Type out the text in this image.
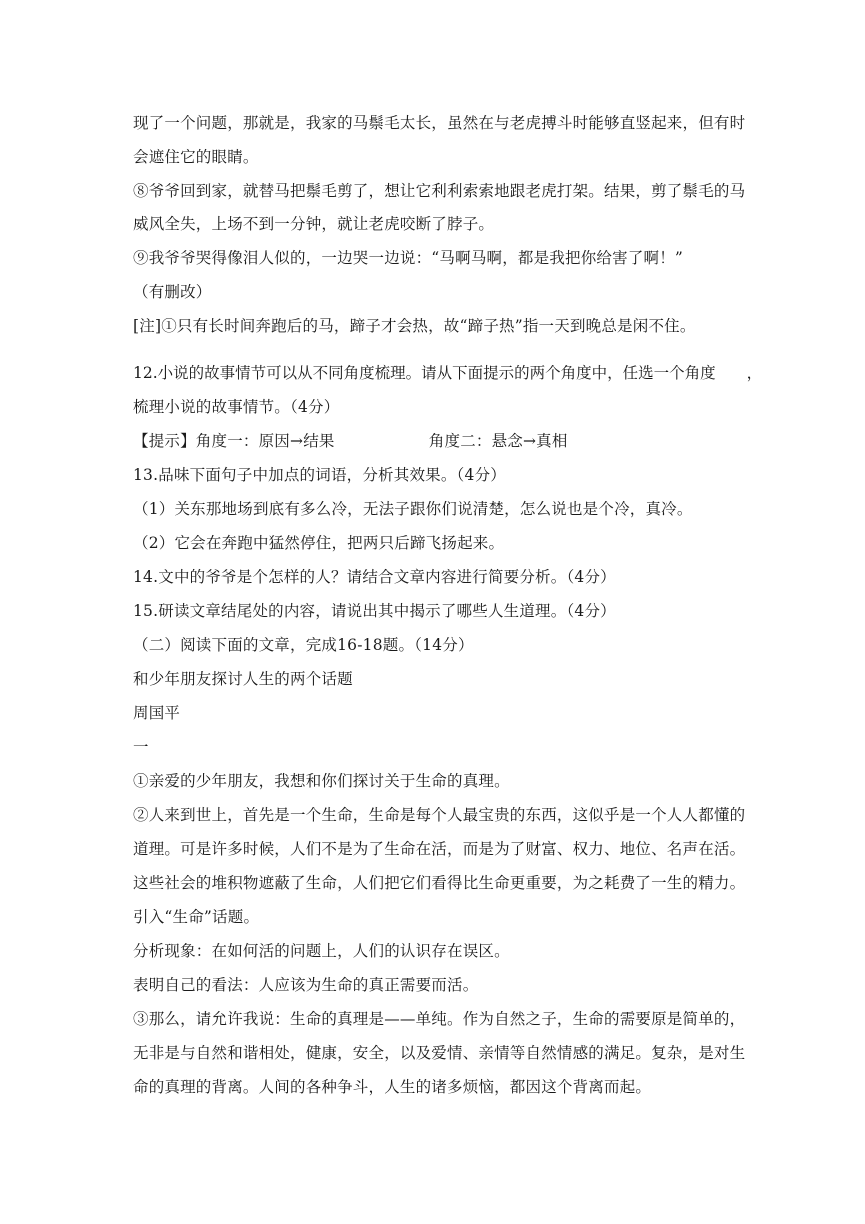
现了一个问题，那就是，我家的马鬃毛太长，虽然在与老虎搏斗时能够直竖起来，但有时

会遮住它的眼睛。

⑧爷爷回到家，就替马把鬃毛剪了，想让它利利索索地跟老虎打架。结果，剪了鬃毛的马

威风全失，上场不到一分钟，就让老虎咬断了脖子。

⑨我爷爷哭得像泪人似的，一边哭一边说：“马啊马啊，都是我把你给害了啊！”

（有删改）

[注]①只有长时间奔跑后的马，蹄子才会热，故“蹄子热”指一天到晚总是闲不住。

12.小说的故事情节可以从不同角度梳理。请从下面提示的两个角度中，任选一个角度　　，

梳理小说的故事情节。（4分）

【提示】角度一：原因→结果　　　　　　角度二：悬念→真相

13.品味下面句子中加点的词语，分析其效果。（4分）

（1）关东那地场到底有多么冷，无法子跟你们说清楚，怎么说也是个冷，真冷。

（2）它会在奔跑中猛然停住，把两只后蹄飞扬起来。

14.文中的爷爷是个怎样的人？请结合文章内容进行简要分析。（4分）

15.研读文章结尾处的内容，请说出其中揭示了哪些人生道理。（4分）

（二）阅读下面的文章，完成16-18题。（14分）

和少年朋友探讨人生的两个话题

周国平

一

①亲爱的少年朋友，我想和你们探讨关于生命的真理。

②人来到世上，首先是一个生命，生命是每个人最宝贵的东西，这似乎是一个人人都懂的

道理。可是许多时候，人们不是为了生命在活，而是为了财富、权力、地位、名声在活。

这些社会的堆积物遮蔽了生命，人们把它们看得比生命更重要，为之耗费了一生的精力。

引入“生命”话题。

分析现象：在如何活的问题上，人们的认识存在误区。

表明自己的看法：人应该为生命的真正需要而活。

③那么，请允许我说：生命的真理是——单纯。作为自然之子，生命的需要原是简单的，

无非是与自然和谐相处，健康，安全，以及爱情、亲情等自然情感的满足。复杂，是对生

命的真理的背离。人间的各种争斗，人生的诸多烦恼，都因这个背离而起。
